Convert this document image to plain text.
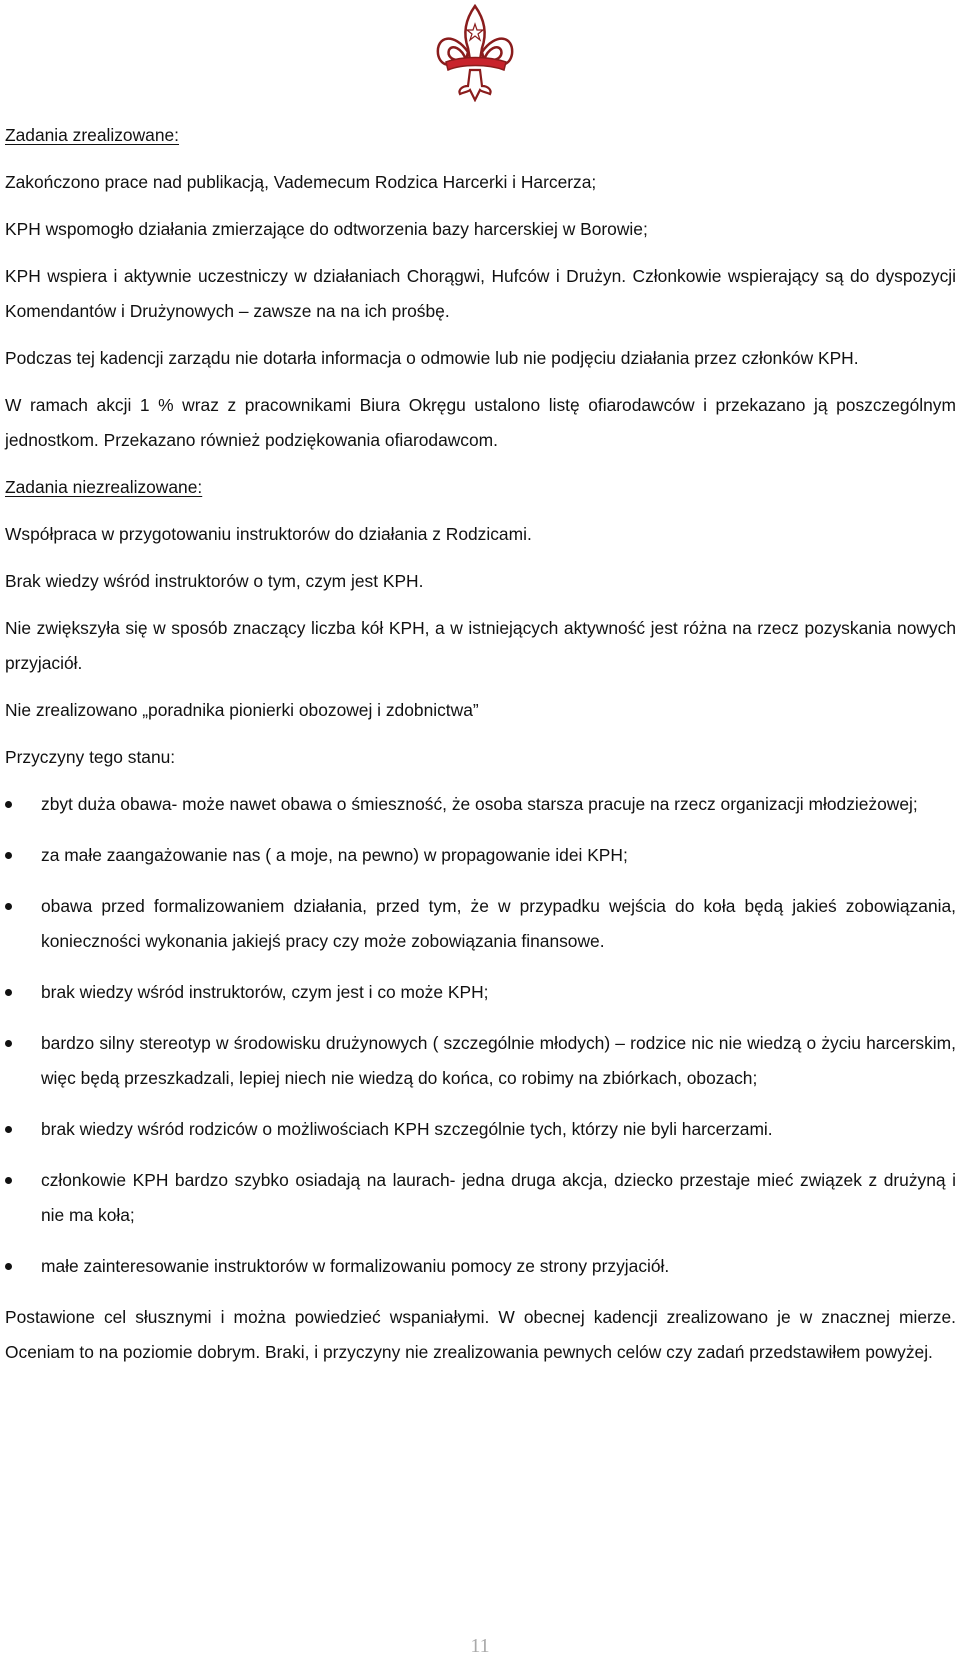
Zadania zrealizowane:

Zakończono prace nad publikacją, Vademecum Rodzica Harcerki i Harcerza;

KPH wspomogło działania zmierzające do odtworzenia bazy harcerskiej w Borowie;

KPH wspiera i aktywnie uczestniczy w działaniach Chorągwi, Hufców i Drużyn. Członkowie wspierający są do dyspozycji Komendantów i Drużynowych – zawsze na na ich prośbę.

Podczas tej kadencji zarządu nie dotarła informacja o odmowie lub nie podjęciu działania przez członków KPH.

W ramach akcji 1 % wraz z pracownikami Biura Okręgu ustalono listę ofiarodawców i przekazano ją poszczególnym jednostkom. Przekazano również podziękowania ofiarodawcom.

Zadania niezrealizowane:

Współpraca w przygotowaniu instruktorów do działania z Rodzicami.

Brak wiedzy wśród instruktorów o tym, czym jest KPH.

Nie zwiększyła się w sposób znaczący liczba kół KPH, a w istniejących aktywność jest różna na rzecz pozyskania nowych przyjaciół.

Nie zrealizowano „poradnika pionierki obozowej i zdobnictwa”

Przyczyny tego stanu:

zbyt duża obawa- może nawet obawa o śmieszność, że osoba starsza pracuje na rzecz organizacji młodzieżowej;
za małe zaangażowanie nas ( a moje, na pewno) w propagowanie idei KPH;
obawa przed formalizowaniem działania, przed tym, że w przypadku wejścia do koła będą jakieś zobowiązania, konieczności wykonania jakiejś pracy czy może zobowiązania finansowe.
brak wiedzy wśród instruktorów, czym jest i co może KPH;
bardzo silny stereotyp w środowisku drużynowych ( szczególnie młodych) – rodzice nic nie wiedzą o życiu harcerskim, więc będą przeszkadzali, lepiej niech nie wiedzą do końca, co robimy na zbiórkach, obozach;
brak wiedzy wśród rodziców o możliwościach KPH szczególnie tych, którzy nie byli harcerzami.
członkowie KPH bardzo szybko osiadają na laurach- jedna druga akcja, dziecko przestaje mieć związek z drużyną i nie ma koła;
małe zainteresowanie instruktorów w formalizowaniu pomocy ze strony przyjaciół.

Postawione cel słusznymi i można powiedzieć wspaniałymi. W obecnej kadencji zrealizowano je w znacznej mierze. Oceniam to na poziomie dobrym. Braki, i przyczyny nie zrealizowania pewnych celów czy zadań przedstawiłem powyżej.

11
